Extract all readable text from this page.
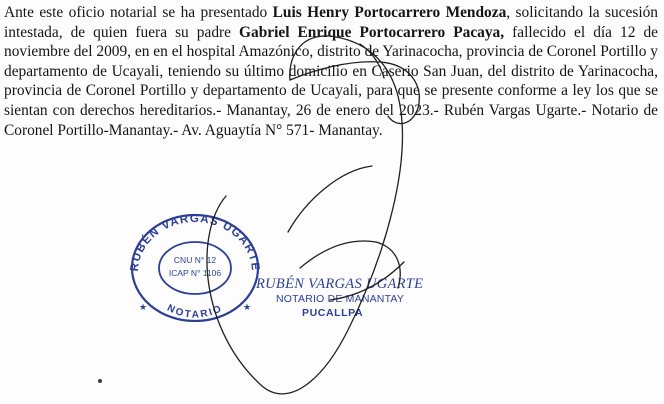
Ante este oficio notarial se ha presentado Luis Henry Portocarrero Mendoza, solicitando la sucesión intestada, de quien fuera su padre Gabriel Enrique Portocarrero Pacaya, fallecido el día 12 de noviembre del 2009, en en el hospital Amazónico, distrito de Yarinacocha, provincia de Coronel Portillo y departamento de Ucayali, teniendo su último domicilio en Caserio San Juan, del distrito de Yarinacocha, provincia de Coronel Portillo y departamento de Ucayali, para que se presente conforme a ley los que se sientan con derechos hereditarios.- Manantay, 26 de enero del 2023.- Rubén Vargas Ugarte.- Notario de Coronel Portillo-Manantay.- Av. Aguaytía N° 571- Manantay.

RUBÉN VARGAS UGARTE
NOTARIO
CNU N° 12
ICAP N° 1106
★	★
RUBÉN VARGAS UGARTE
NOTARIO DE MANANTAY
PUCALLPA
